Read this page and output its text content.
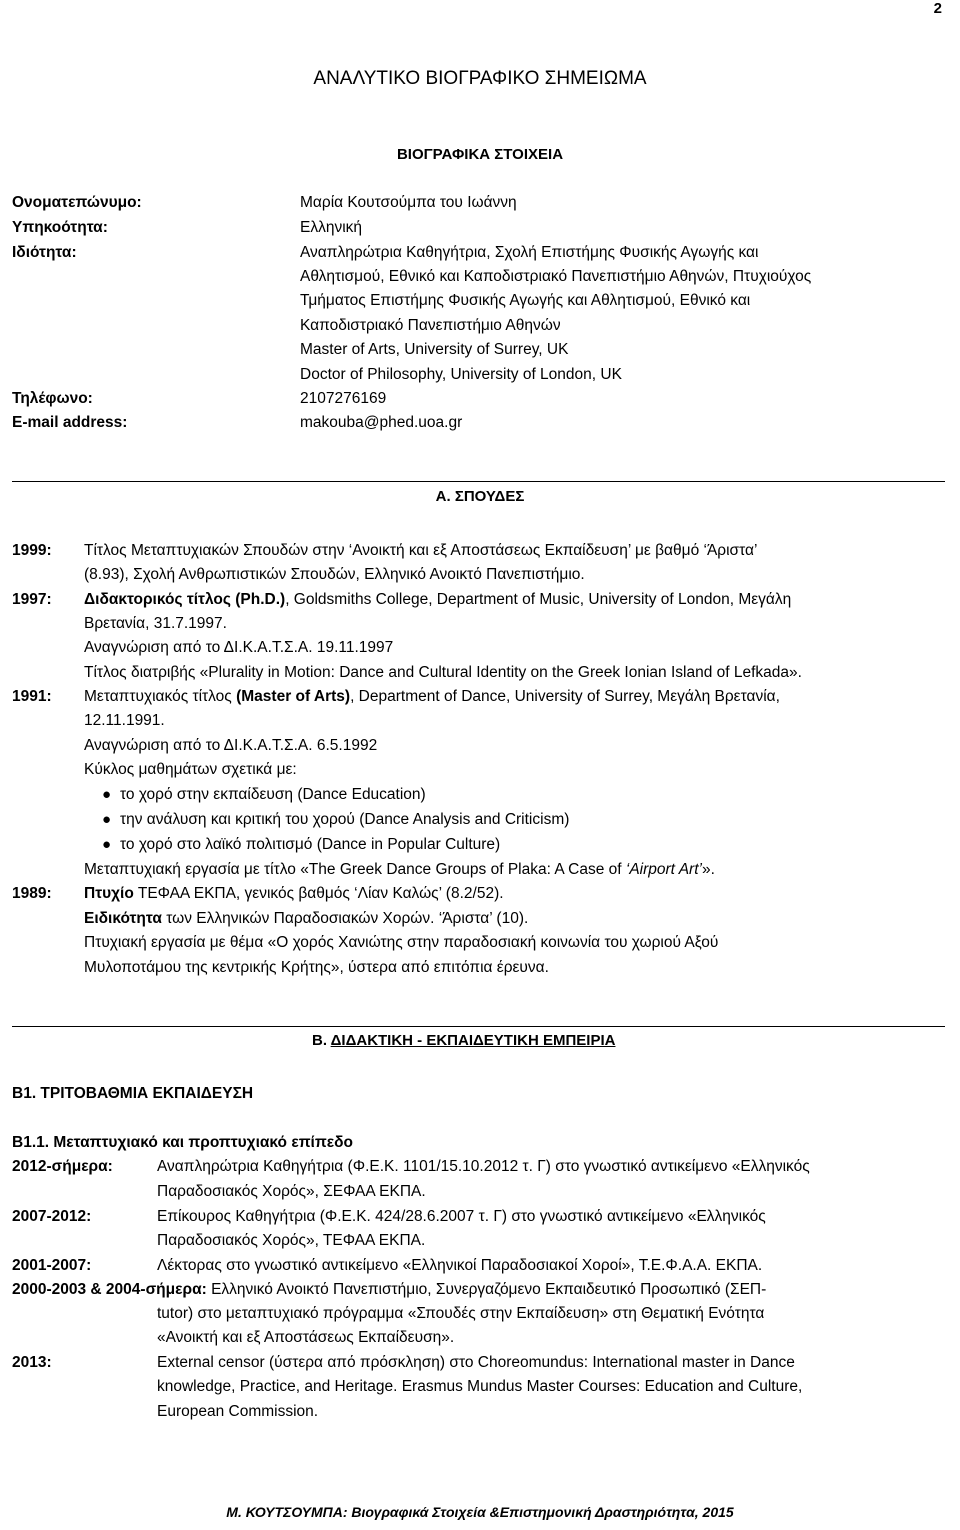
2
ΑΝΑΛΥΤΙΚΟ ΒΙΟΓΡΑΦΙΚΟ ΣΗΜΕΙΩΜΑ
ΒΙΟΓΡΑΦΙΚΑ ΣΤΟΙΧΕΙΑ
Ονοματεπώνυμο:	Μαρία Κουτσούμπα του Ιωάννη
Υπηκοότητα:	Ελληνική
Ιδιότητα:	Αναπληρώτρια Καθηγήτρια, Σχολή Επιστήμης Φυσικής Αγωγής και
Αθλητισμού, Εθνικό και Καποδιστριακό Πανεπιστήμιο Αθηνών, Πτυχιούχος
Τμήματος Επιστήμης Φυσικής Αγωγής και Αθλητισμού, Εθνικό και
Καποδιστριακό Πανεπιστήμιο Αθηνών
Master of Arts, University of Surrey, UK
Doctor of Philosophy, University of London, UK
Τηλέφωνο:	2107276169
E-mail address:	makouba@phed.uoa.gr
Α. ΣΠΟΥΔΕΣ
1999:	Τίτλος Μεταπτυχιακών Σπουδών στην ‘Ανοικτή και εξ Αποστάσεως Εκπαίδευση’ με βαθμό ‘Άριστα’
(8.93), Σχολή Ανθρωπιστικών Σπουδών, Ελληνικό Ανοικτό Πανεπιστήμιο.
1997:	Διδακτορικός τίτλος (Ph.D.), Goldsmiths College, Department of Music, University of London, Μεγάλη
Βρετανία, 31.7.1997.
Αναγνώριση από το ΔΙ.Κ.Α.Τ.Σ.Α. 19.11.1997
Τίτλος διατριβής «Plurality in Motion: Dance and Cultural Identity on the Greek Ionian Island of Lefkada».
1991:	Μεταπτυχιακός τίτλος (Master of Arts), Department of Dance, University of Surrey, Μεγάλη Βρετανία,
12.11.1991.
Αναγνώριση από το ΔΙ.Κ.Α.Τ.Σ.Α. 6.5.1992
Κύκλος μαθημάτων σχετικά με:
● το χορό στην εκπαίδευση (Dance Education)
● την ανάλυση και κριτική του χορού (Dance Analysis and Criticism)
● το χορό στο λαϊκό πολιτισμό (Dance in Popular Culture)
Μεταπτυχιακή εργασία με τίτλο «The Greek Dance Groups of Plaka: A Case of ‘Airport Art’».
1989:	Πτυχίο ΤΕΦΑΑ ΕΚΠΑ, γενικός βαθμός ‘Λίαν Καλώς’ (8.2/52).
Ειδικότητα των Ελληνικών Παραδοσιακών Χορών. ‘Άριστα’ (10).
Πτυχιακή εργασία με θέμα «Ο χορός Χανιώτης στην παραδοσιακή κοινωνία του χωριού Αξού
Μυλοποτάμου της κεντρικής Κρήτης», ύστερα από επιτόπια έρευνα.
Β. ΔΙΔΑΚΤΙΚΗ - ΕΚΠΑΙΔΕΥΤΙΚΗ ΕΜΠΕΙΡΙΑ
Β1. ΤΡΙΤΟΒΑΘΜΙΑ ΕΚΠΑΙΔΕΥΣΗ
Β1.1. Μεταπτυχιακό και προπτυχιακό επίπεδο
2012-σήμερα:	Αναπληρώτρια Καθηγήτρια (Φ.Ε.Κ. 1101/15.10.2012 τ. Γ) στο γνωστικό αντικείμενο «Ελληνικός
Παραδοσιακός Χορός», ΣΕΦΑΑ ΕΚΠΑ.
2007-2012:	Επίκουρος Καθηγήτρια (Φ.Ε.Κ. 424/28.6.2007 τ. Γ) στο γνωστικό αντικείμενο «Ελληνικός
Παραδοσιακός Χορός», ΤΕΦΑΑ ΕΚΠΑ.
2001-2007:	Λέκτορας στο γνωστικό αντικείμενο «Ελληνικοί Παραδοσιακοί Χοροί», Τ.Ε.Φ.Α.Α. ΕΚΠΑ.
2000-2003 & 2004-σήμερα: Ελληνικό Ανοικτό Πανεπιστήμιο, Συνεργαζόμενο Εκπαιδευτικό Προσωπικό (ΣΕΠ-
tutor) στο μεταπτυχιακό πρόγραμμα «Σπουδές στην Εκπαίδευση» στη Θεματική Ενότητα
«Ανοικτή και εξ Αποστάσεως Εκπαίδευση».
2013:	External censor (ύστερα από πρόσκληση) στο Choreomundus: International master in Dance
knowledge, Practice, and Heritage. Erasmus Mundus Master Courses: Education and Culture,
European Commission.
Μ. ΚΟΥΤΣΟΥΜΠΑ: Βιογραφικά Στοιχεία &Επιστημονική Δραστηριότητα, 2015
